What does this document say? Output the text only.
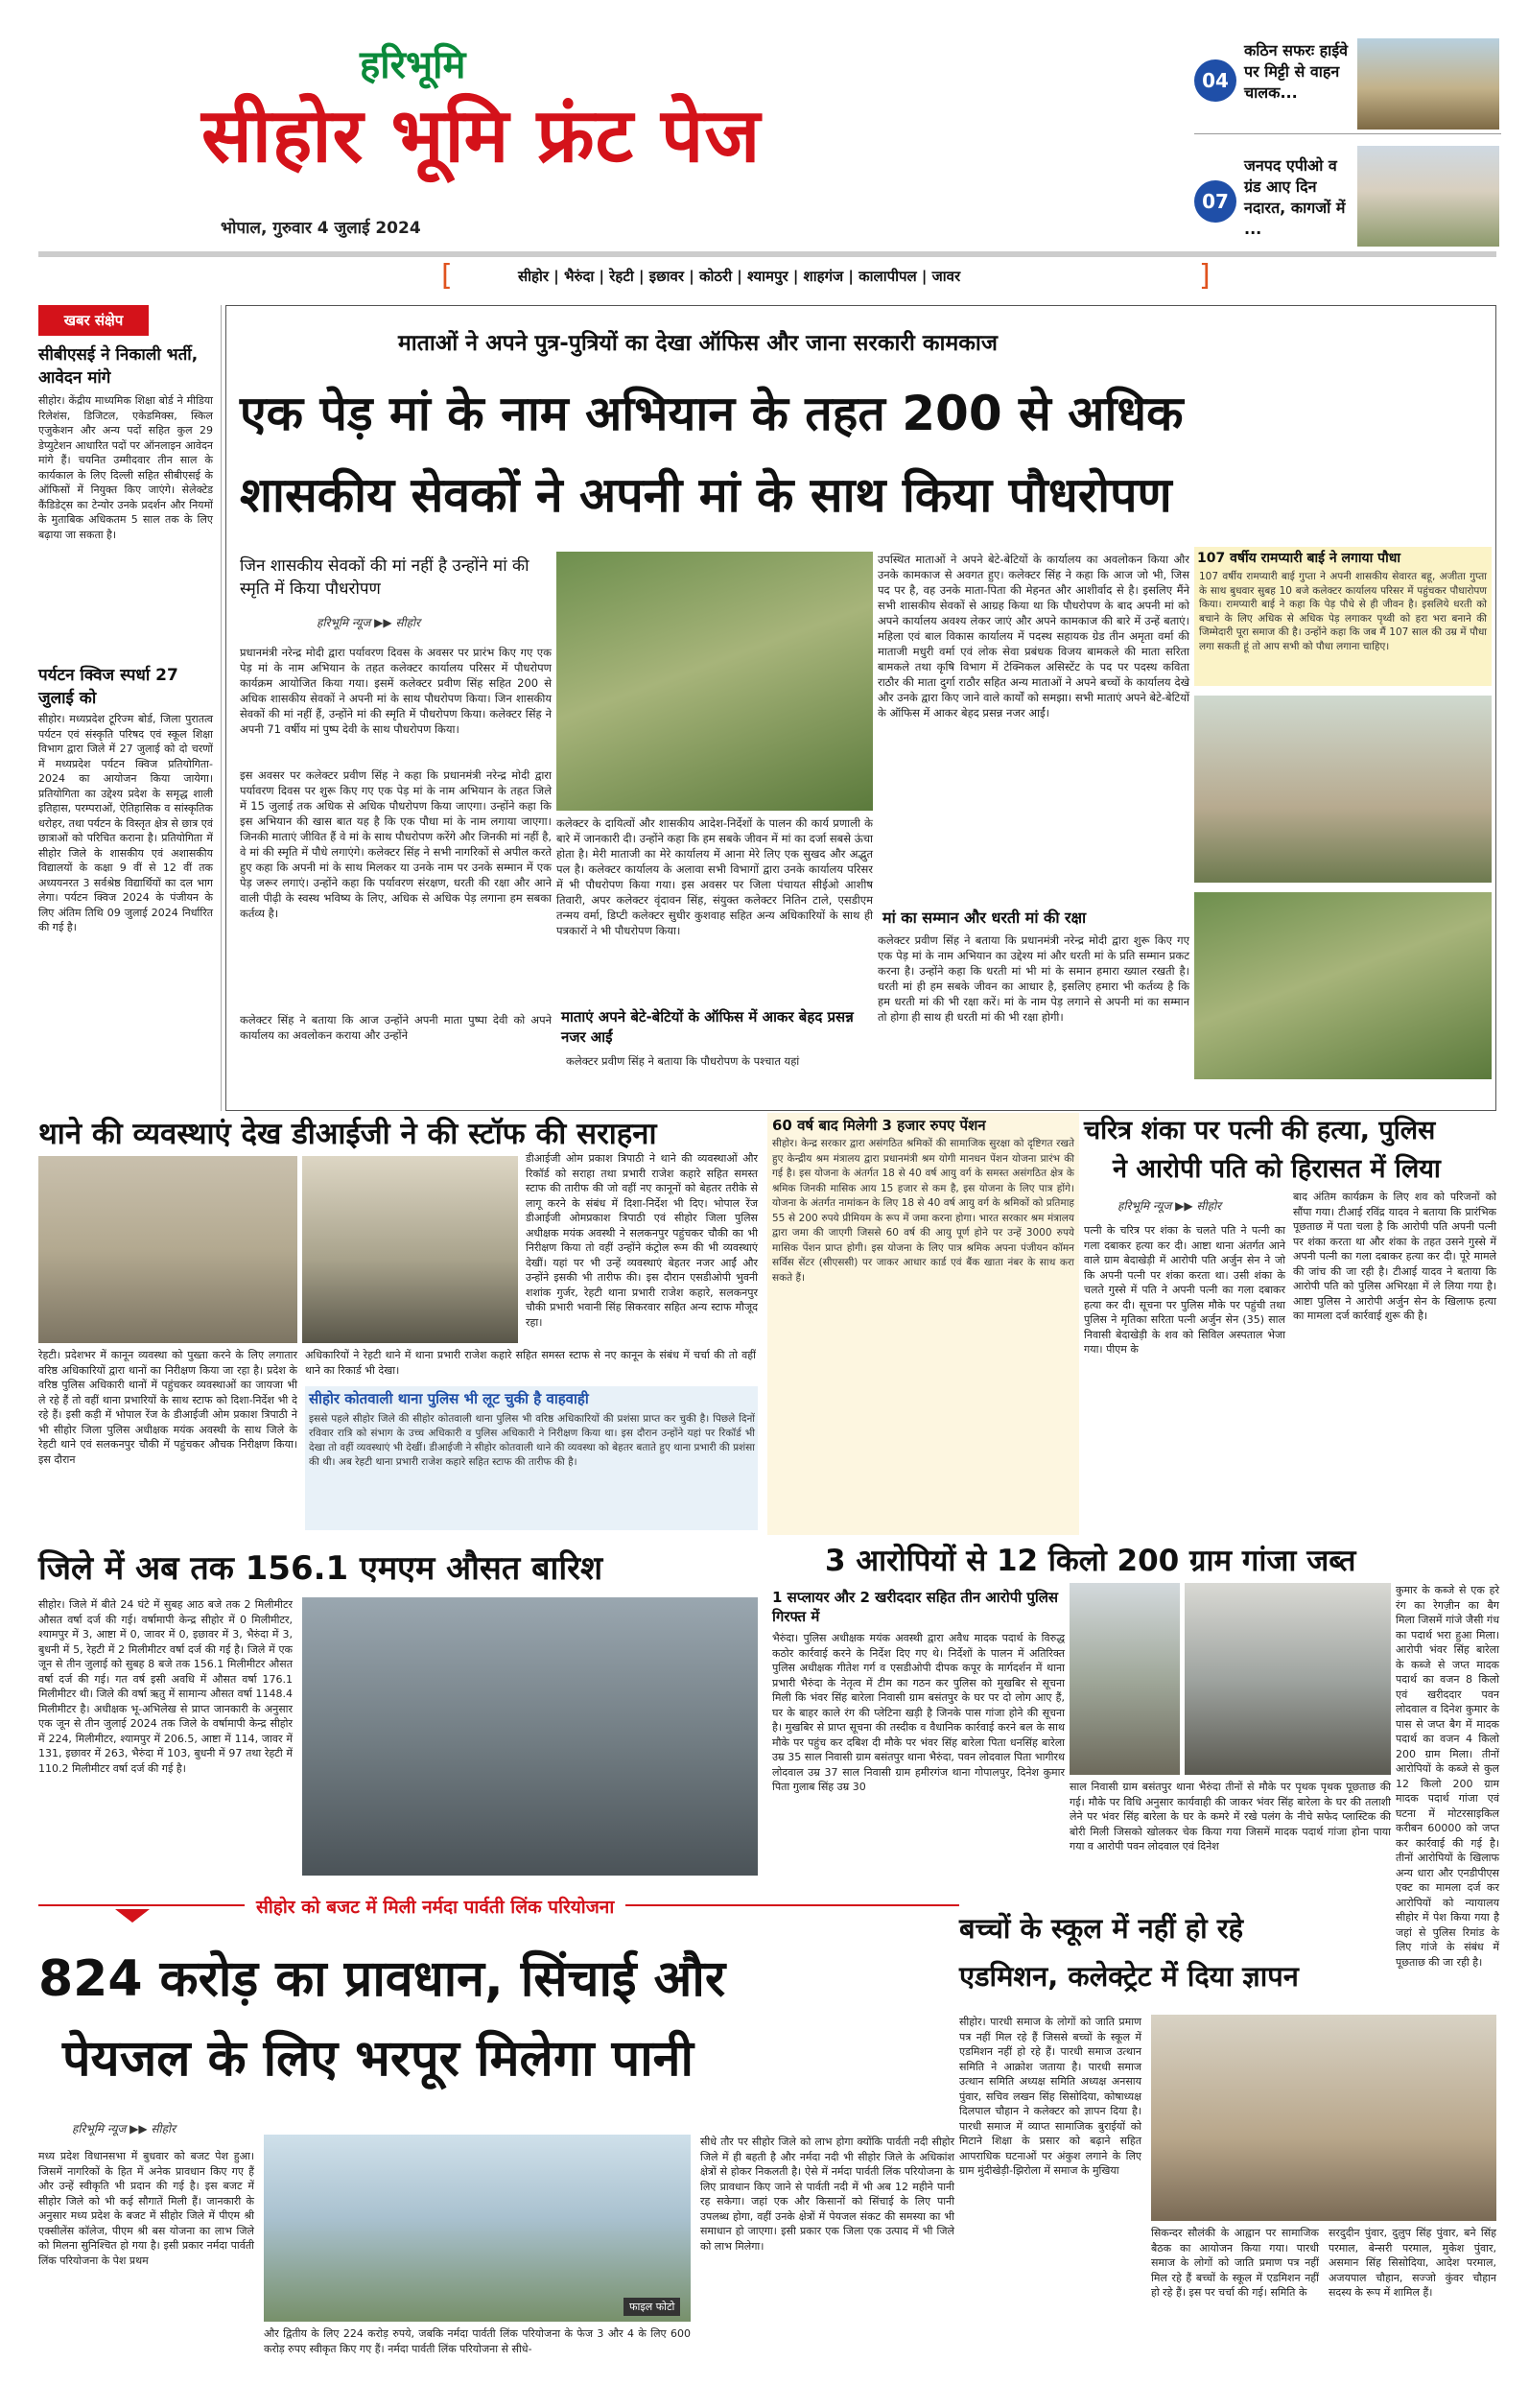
हरिभूमि
सीहोर भूमि फ्रंट पेज
भोपाल, गुरुवार 4 जुलाई 2024
04
कठिन सफरः हाईवे पर मिट्टी से वाहन चालक...
07
जनपद एपीओ व ग्रंड आए दिन नदारत, कागजों में ...
[	]
सीहोर | भैरुंदा | रेहटी | इछावर | कोठरी | श्यामपुर | शाहगंज | कालापीपल | जावर
खबर संक्षेप
सीबीएसई ने निकाली भर्ती, आवेदन मांगे
सीहोर। केंद्रीय माध्यमिक शिक्षा बोर्ड ने मीडिया रिलेशंस, डिजिटल, एकेडमिक्स, स्किल एजुकेशन और अन्य पदों सहित कुल 29 डेप्युटेशन आधारित पदों पर ऑनलाइन आवेदन मांगे हैं। चयनित उम्मीदवार तीन साल के कार्यकाल के लिए दिल्ली सहित सीबीएसई के ऑफिसों में नियुक्त किए जाएंगे। सेलेक्टेड कैंडिडेट्स का टेन्योर उनके प्रदर्शन और नियमों के मुताबिक अधिकतम 5 साल तक के लिए बढ़ाया जा सकता है।
पर्यटन क्विज स्पर्धा 27 जुलाई को
सीहोर। मध्यप्रदेश टूरिज्म बोर्ड, जिला पुरातत्व पर्यटन एवं संस्कृति परिषद एवं स्कूल शिक्षा विभाग द्वारा जिले में 27 जुलाई को दो चरणों में मध्यप्रदेश पर्यटन क्विज प्रतियोगिता- 2024 का आयोजन किया जायेगा। प्रतियोगिता का उद्देश्य प्रदेश के समृद्ध शाली इतिहास, परम्पराओं, ऐतिहासिक व सांस्कृतिक धरोहर, तथा पर्यटन के विस्तृत क्षेत्र से छात्र एवं छात्राओं को परिचित कराना है। प्रतियोगिता में सीहोर जिले के शासकीय एवं अशासकीय विद्यालयों के कक्षा 9 वीं से 12 वीं तक अध्ययनरत 3 सर्वश्रेष्ठ विद्यार्थियों का दल भाग लेगा। पर्यटन क्विज 2024 के पंजीयन के लिए अंतिम तिथि 09 जुलाई 2024 निर्धारित की गई है।
माताओं ने अपने पुत्र-पुत्रियों का देखा ऑफिस और जाना सरकारी कामकाज
एक पेड़ मां के नाम अभियान के तहत 200 से अधिक
शासकीय सेवकों ने अपनी मां के साथ किया पौधरोपण
जिन शासकीय सेवकों की मां नहीं है उन्होंने मां की स्मृति में किया पौधरोपण
हरिभूमि न्यूज ▶▶ सीहोर
प्रधानमंत्री नरेन्द्र मोदी द्वारा पर्यावरण दिवस के अवसर पर प्रारंभ किए गए एक पेड़ मां के नाम अभियान के तहत कलेक्टर कार्यालय परिसर में पौधरोपण कार्यक्रम आयोजित किया गया। इसमें कलेक्टर प्रवीण सिंह सहित 200 से अधिक शासकीय सेवकों ने अपनी मां के साथ पौधरोपण किया। जिन शासकीय सेवकों की मां नहीं हैं, उन्होंने मां की स्मृति में पौधरोपण किया। कलेक्टर सिंह ने अपनी 71 वर्षीय मां पुष्प देवी के साथ पौधरोपण किया।
इस अवसर पर कलेक्टर प्रवीण सिंह ने कहा कि प्रधानमंत्री नरेन्द्र मोदी द्वारा पर्यावरण दिवस पर शुरू किए गए एक पेड़ मां के नाम अभियान के तहत जिले में 15 जुलाई तक अधिक से अधिक पौधरोपण किया जाएगा। उन्होंने कहा कि इस अभियान की खास बात यह है कि एक पौधा मां के नाम लगाया जाएगा। जिनकी माताएं जीवित हैं वे मां के साथ पौधरोपण करेंगे और जिनकी मां नहीं है, वे मां की स्मृति में पौधे लगाएंगे। कलेक्टर सिंह ने सभी नागरिकों से अपील करते हुए कहा कि अपनी मां के साथ मिलकर या उनके नाम पर उनके सम्मान में एक पेड़ जरूर लगाएं। उन्होंने कहा कि पर्यावरण संरक्षण, धरती की रक्षा और आने वाली पीढ़ी के स्वस्थ भविष्य के लिए, अधिक से अधिक पेड़ लगाना हम सबका कर्तव्य है।
कलेक्टर सिंह ने बताया कि आज उन्होंने अपनी माता पुष्पा देवी को अपने कार्यालय का अवलोकन कराया और उन्होंने
कलेक्टर के दायित्वों और शासकीय आदेश-निर्देशों के पालन की कार्य प्रणाली के बारे में जानकारी दी। उन्होंने कहा कि हम सबके जीवन में मां का दर्जा सबसे ऊंचा होता है। मेरी माताजी का मेरे कार्यालय में आना मेरे लिए एक सुखद और अद्भुत पल है। कलेक्टर कार्यालय के अलावा सभी विभागों द्वारा उनके कार्यालय परिसर में भी पौधरोपण किया गया। इस अवसर पर जिला पंचायत सीईओ आशीष तिवारी, अपर कलेक्टर वृंदावन सिंह, संयुक्त कलेक्टर नितिन टाले, एसडीएम तन्मय वर्मा, डिप्टी कलेक्टर सुधीर कुशवाह सहित अन्य अधिकारियों के साथ ही पत्रकारों ने भी पौधरोपण किया।
माताएं अपने बेटे-बेटियों के ऑफिस में आकर बेहद प्रसन्न नजर आईं
कलेक्टर प्रवीण सिंह ने बताया कि पौधरोपण के पश्चात यहां
उपस्थित माताओं ने अपने बेटे-बेटियों के कार्यालय का अवलोकन किया और उनके कामकाज से अवगत हुए। कलेक्टर सिंह ने कहा कि आज जो भी, जिस पद पर है, वह उनके माता-पिता की मेहनत और आशीर्वाद से है। इसलिए मैंने सभी शासकीय सेवकों से आग्रह किया था कि पौधरोपण के बाद अपनी मां को अपने कार्यालय अवश्य लेकर जाएं और अपने कामकाज की बारे में उन्हें बताएं। महिला एवं बाल विकास कार्यालय में पदस्थ सहायक ग्रेड तीन अमृता वर्मा की माताजी मधुरी वर्मा एवं लोक सेवा प्रबंधक विजय बामकले की माता सरिता बामकले तथा कृषि विभाग में टेक्निकल असिस्टेंट के पद पर पदस्थ कविता राठौर की माता दुर्गा राठौर सहित अन्य माताओं ने अपने बच्चों के कार्यालय देखे और उनके द्वारा किए जाने वाले कार्यों को समझा। सभी माताएं अपने बेटे-बेटियों के ऑफिस में आकर बेहद प्रसन्न नजर आईं।
मां का सम्मान और धरती मां की रक्षा
कलेक्टर प्रवीण सिंह ने बताया कि प्रधानमंत्री नरेन्द्र मोदी द्वारा शुरू किए गए एक पेड़ मां के नाम अभियान का उद्देश्य मां और धरती मां के प्रति सम्मान प्रकट करना है। उन्होंने कहा कि धरती मां भी मां के समान हमारा ख्याल रखती है। धरती मां ही हम सबके जीवन का आधार है, इसलिए हमारा भी कर्तव्य है कि हम धरती मां की भी रक्षा करें। मां के नाम पेड़ लगाने से अपनी मां का सम्मान तो होगा ही साथ ही धरती मां की भी रक्षा होगी।
107 वर्षीय रामप्यारी बाई ने लगाया पौधा
107 वर्षीय रामप्यारी बाई गुप्ता ने अपनी शासकीय सेवारत बहू, अजीता गुप्ता के साथ बुधवार सुबह 10 बजे कलेक्टर कार्यालय परिसर में पहुंचकर पौधारोपण किया। रामप्यारी बाई ने कहा कि पेड़ पौधे से ही जीवन है। इसलिये धरती को बचाने के लिए अधिक से अधिक पेड़ लगाकर पृथ्वी को हरा भरा बनाने की जिम्मेदारी पूरा समाज की है। उन्होंने कहा कि जब मैं 107 साल की उम्र में पौधा लगा सकती हूं तो आप सभी को पौधा लगाना चाहिए।
थाने की व्यवस्थाएं देख डीआईजी ने की स्टॉफ की सराहना
डीआईजी ओम प्रकाश त्रिपाठी ने थाने की व्यवस्थाओं और रिकॉर्ड को सराहा तथा प्रभारी राजेश कहारे सहित समस्त स्टाफ की तारीफ की जो वहीं नए कानूनों को बेहतर तरीके से लागू करने के संबंध में दिशा-निर्देश भी दिए। भोपाल रेंज डीआईजी ओमप्रकाश त्रिपाठी एवं सीहोर जिला पुलिस अधीक्षक मयंक अवस्थी ने सलकनपुर पहुंचकर चौकी का भी निरीक्षण किया तो वहीं उन्होंने कंट्रोल रूम की भी व्यवस्थाएं देखीं। यहां पर भी उन्हें व्यवस्थाएं बेहतर नजर आईं और उन्होंने इसकी भी तारीफ की। इस दौरान एसडीओपी भुवनी शशांक गुर्जर, रेहटी थाना प्रभारी राजेश कहारे, सलकनपुर चौकी प्रभारी भवानी सिंह सिकरवार सहित अन्य स्टाफ मौजूद रहा।
रेहटी। प्रदेशभर में कानून व्यवस्था को पुख्ता करने के लिए लगातार वरिष्ठ अधिकारियों द्वारा थानों का निरीक्षण किया जा रहा है। प्रदेश के वरिष्ठ पुलिस अधिकारी थानों में पहुंचकर व्यवस्थाओं का जायजा भी ले रहे हैं तो वहीं थाना प्रभारियों के साथ स्टाफ को दिशा-निर्देश भी दे रहे हैं। इसी कड़ी में भोपाल रेंज के डीआईजी ओम प्रकाश त्रिपाठी ने भी सीहोर जिला पुलिस अधीक्षक मयंक अवस्थी के साथ जिले के रेहटी थाने एवं सलकनपुर चौकी में पहुंचकर औचक निरीक्षण किया। इस दौरान
अधिकारियों ने रेहटी थाने में थाना प्रभारी राजेश कहारे सहित समस्त स्टाफ से नए कानून के संबंध में चर्चा की तो वहीं थाने का रिकार्ड भी देखा।
सीहोर कोतवाली थाना पुलिस भी लूट चुकी है वाहवाही
इससे पहले सीहोर जिले की सीहोर कोतवाली थाना पुलिस भी वरिष्ठ अधिकारियों की प्रशंसा प्राप्त कर चुकी है। पिछले दिनों रविवार रात्रि को संभाग के उच्च अधिकारी व पुलिस अधिकारी ने निरीक्षण किया था। इस दौरान उन्होंने यहां पर रिकॉर्ड भी देखा तो वहीं व्यवस्थाएं भी देखीं। डीआईजी ने सीहोर कोतवाली थाने की व्यवस्था को बेहतर बताते हुए थाना प्रभारी की प्रशंसा की थी। अब रेहटी थाना प्रभारी राजेश कहारे सहित स्टाफ की तारीफ की है।
60 वर्ष बाद मिलेगी 3 हजार रुपए पेंशन
सीहोर। केन्द्र सरकार द्वारा असंगठित श्रमिकों की सामाजिक सुरक्षा को दृष्टिगत रखते हुए केन्द्रीय श्रम मंत्रालय द्वारा प्रधानमंत्री श्रम योगी मानधन पेंशन योजना प्रारंभ की गई है। इस योजना के अंतर्गत 18 से 40 वर्ष आयु वर्ग के समस्त असंगठित क्षेत्र के श्रमिक जिनकी मासिक आय 15 हजार से कम है, इस योजना के लिए पात्र होंगे। योजना के अंतर्गत नामांकन के लिए 18 से 40 वर्ष आयु वर्ग के श्रमिकों को प्रतिमाह 55 से 200 रुपये प्रीमियम के रूप में जमा करना होगा। भारत सरकार श्रम मंत्रालय द्वारा जमा की जाएगी जिससे 60 वर्ष की आयु पूर्ण होने पर उन्हें 3000 रुपये मासिक पेंशन प्राप्त होगी। इस योजना के लिए पात्र श्रमिक अपना पंजीयन कॉमन सर्विस सेंटर (सीएससी) पर जाकर आधार कार्ड एवं बैंक खाता नंबर के साथ करा सकते हैं।
चरित्र शंका पर पत्नी की हत्या, पुलिस
ने आरोपी पति को हिरासत में लिया
हरिभूमि न्यूज ▶▶ सीहोर
पत्नी के चरित्र पर शंका के चलते पति ने पत्नी का गला दबाकर हत्या कर दी। आष्टा थाना अंतर्गत आने वाले ग्राम बेदाखेड़ी में आरोपी पति अर्जुन सेन ने जो कि अपनी पत्नी पर शंका करता था। उसी शंका के चलते गुस्से में पति ने अपनी पत्नी का गला दबाकर हत्या कर दी। सूचना पर पुलिस मौके पर पहुंची तथा पुलिस ने मृतिका सरिता पत्नी अर्जुन सेन (35) साल निवासी बेदाखेड़ी के शव को सिविल अस्पताल भेजा गया। पीएम के
बाद अंतिम कार्यक्रम के लिए शव को परिजनों को सौंपा गया। टीआई रविंद्र यादव ने बताया कि प्रारंभिक पूछताछ में पता चला है कि आरोपी पति अपनी पत्नी पर शंका करता था और शंका के तहत उसने गुस्से में अपनी पत्नी का गला दबाकर हत्या कर दी। पूरे मामले की जांच की जा रही है। टीआई यादव ने बताया कि आरोपी पति को पुलिस अभिरक्षा में ले लिया गया है। आष्टा पुलिस ने आरोपी अर्जुन सेन के खिलाफ हत्या का मामला दर्ज कार्रवाई शुरू की है।
3 आरोपियों से 12 किलो 200 ग्राम गांजा जब्त
1 सप्लायर और 2 खरीददार सहित तीन आरोपी पुलिस गिरफ्त में
भैरुंदा। पुलिस अधीक्षक मयंक अवस्थी द्वारा अवैध मादक पदार्थ के विरुद्ध कठोर कार्रवाई करने के निर्देश दिए गए थे। निर्देशों के पालन में अतिरिक्त पुलिस अधीक्षक गीतेश गर्ग व एसडीओपी दीपक कपूर के मार्गदर्शन में थाना प्रभारी भैरुंदा के नेतृत्व में टीम का गठन कर पुलिस को मुखबिर से सूचना मिली कि भंवर सिंह बारेला निवासी ग्राम बसंतपुर के घर पर दो लोग आए हैं, घर के बाहर काले रंग की प्लेटिना खड़ी है जिनके पास गांजा होने की सूचना है। मुखबिर से प्राप्त सूचना की तस्दीक व वैधानिक कार्रवाई करने बल के साथ मौके पर पहुंच कर दबिश दी मौके पर भंवर सिंह बारेला पिता धनसिंह बारेला उम्र 35 साल निवासी ग्राम बसंतपुर थाना भैरुंदा, पवन लोदवाल पिता भागीरथ लोदवाल उम्र 37 साल निवासी ग्राम हमीरगंज थाना गोपालपुर, दिनेश कुमार पिता गुलाब सिंह उम्र 30
कुमार के कब्जे से एक हरे रंग का रेगज़ीन का बैग मिला जिसमें गांजे जैसी गंध का पदार्थ भरा हुआ मिला। आरोपी भंवर सिंह बारेला के कब्जे से जप्त मादक पदार्थ का वजन 8 किलो एवं खरीददार पवन लोदवाल व दिनेश कुमार के पास से जप्त बैग में मादक पदार्थ का वजन 4 किलो 200 ग्राम मिला। तीनों आरोपियों के कब्जे से कुल 12 किलो 200 ग्राम मादक पदार्थ गांजा एवं घटना में मोटरसाइकिल करीबन 60000 को जप्त कर कार्रवाई की गई है। तीनों आरोपियों के खिलाफ अन्य धारा और एनडीपीएस एक्ट का मामला दर्ज कर आरोपियों को न्यायालय सीहोर में पेश किया गया है जहां से पुलिस रिमांड के लिए गांजे के संबंध में पूछताछ की जा रही है।
साल निवासी ग्राम बसंतपुर थाना भैरुंदा तीनों से मौके पर पृथक पृथक पूछताछ की गई। मौके पर विधि अनुसार कार्यवाही की जाकर भंवर सिंह बारेला के घर की तलाशी लेने पर भंवर सिंह बारेला के घर के कमरे में रखे पलंग के नीचे सफेद प्लास्टिक की बोरी मिली जिसको खोलकर चेक किया गया जिसमें मादक पदार्थ गांजा होना पाया गया व आरोपी पवन लोदवाल एवं दिनेश
जिले में अब तक 156.1 एमएम औसत बारिश
सीहोर। जिले में बीते 24 घंटे में सुबह आठ बजे तक 2 मिलीमीटर औसत वर्षा दर्ज की गई। वर्षामापी केन्द्र सीहोर में 0 मिलीमीटर, श्यामपुर में 3, आष्टा में 0, जावर में 0, इछावर में 3, भैरुंदा में 3, बुधनी में 5, रेहटी में 2 मिलीमीटर वर्षा दर्ज की गई है। जिले में एक जून से तीन जुलाई को सुबह 8 बजे तक 156.1 मिलीमीटर औसत वर्षा दर्ज की गई। गत वर्ष इसी अवधि में औसत वर्षा 176.1 मिलीमीटर थी। जिले की वर्षा ऋतु में सामान्य औसत वर्षा 1148.4 मिलीमीटर है। अधीक्षक भू-अभिलेख से प्राप्त जानकारी के अनुसार एक जून से तीन जुलाई 2024 तक जिले के वर्षामापी केन्द्र सीहोर में 224, मिलीमीटर, श्यामपुर में 206.5, आष्टा में 114, जावर में 131, इछावर में 263, भैरुंदा में 103, बुधनी में 97 तथा रेहटी में 110.2 मिलीमीटर वर्षा दर्ज की गई है।
सीहोर को बजट में मिली नर्मदा पार्वती लिंक परियोजना
824 करोड़ का प्रावधान, सिंचाई और
पेयजल के लिए भरपूर मिलेगा पानी
हरिभूमि न्यूज ▶▶ सीहोर
मध्य प्रदेश विधानसभा में बुधवार को बजट पेश हुआ। जिसमें नागरिकों के हित में अनेक प्रावधान किए गए हैं और उन्हें स्वीकृति भी प्रदान की गई है। इस बजट में सीहोर जिले को भी कई सौगातें मिली हैं। जानकारी के अनुसार मध्य प्रदेश के बजट में सीहोर जिले में पीएम श्री एक्सीलेंस कॉलेज, पीएम श्री बस योजना का लाभ जिले को मिलना सुनिश्चित हो गया है। इसी प्रकार नर्मदा पार्वती लिंक परियोजना के पेश प्रथम
फाइल फोटो
और द्वितीय के लिए 224 करोड़ रुपये, जबकि नर्मदा पार्वती लिंक परियोजना के फेज 3 और 4 के लिए 600 करोड़ रुपए स्वीकृत किए गए हैं। नर्मदा पार्वती लिंक परियोजना से सीधे-
सीधे तौर पर सीहोर जिले को लाभ होगा क्योंकि पार्वती नदी सीहोर जिले में ही बहती है और नर्मदा नदी भी सीहोर जिले के अधिकांश क्षेत्रों से होकर निकलती है। ऐसे में नर्मदा पार्वती लिंक परियोजना के लिए प्रावधान किए जाने से पार्वती नदी में भी अब 12 महीने पानी रह सकेगा। जहां एक और किसानों को सिंचाई के लिए पानी उपलब्ध होगा, वहीं उनके क्षेत्रों में पेयजल संकट की समस्या का भी समाधान हो जाएगा। इसी प्रकार एक जिला एक उत्पाद में भी जिले को लाभ मिलेगा।
बच्चों के स्कूल में नहीं हो रहे
एडमिशन, कलेक्ट्रेट में दिया ज्ञापन
सीहोर। पारधी समाज के लोगों को जाति प्रमाण पत्र नहीं मिल रहे हैं जिससे बच्चों के स्कूल में एडमिशन नहीं हो रहे हैं। पारधी समाज उत्थान समिति ने आक्रोश जताया है। पारधी समाज उत्थान समिति अध्यक्ष समिति अध्यक्ष अनसाय पुंवार, सचिव लखन सिंह सिसोदिया, कोषाध्यक्ष दिलपाल चौहान ने कलेक्टर को ज्ञापन दिया है। पारधी समाज में व्याप्त सामाजिक बुराईयों को मिटाने शिक्षा के प्रसार को बढ़ाने सहित आपराधिक घटनाओं पर अंकुश लगाने के लिए ग्राम मुंदीखेड़ी-झिरोला में समाज के मुखिया
सिकन्दर सौलंकी के आह्वान पर सामाजिक बैठक का आयोजन किया गया। पारधी समाज के लोगों को जाति प्रमाण पत्र नहीं मिल रहे हैं बच्चों के स्कूल में एडमिशन नहीं हो रहे हैं। इस पर चर्चा की गई। समिति के
सरदुदीन पुंवार, दुलुप सिंह पुंवार, बने सिंह परमाल, बेन्सरी परमाल, मुकेश पुंवार, असमान सिंह सिसोदिया, आदेश परमाल, अजयपाल चौहान, सज्जो कुंवर चौहान सदस्य के रूप में शामिल हैं।
